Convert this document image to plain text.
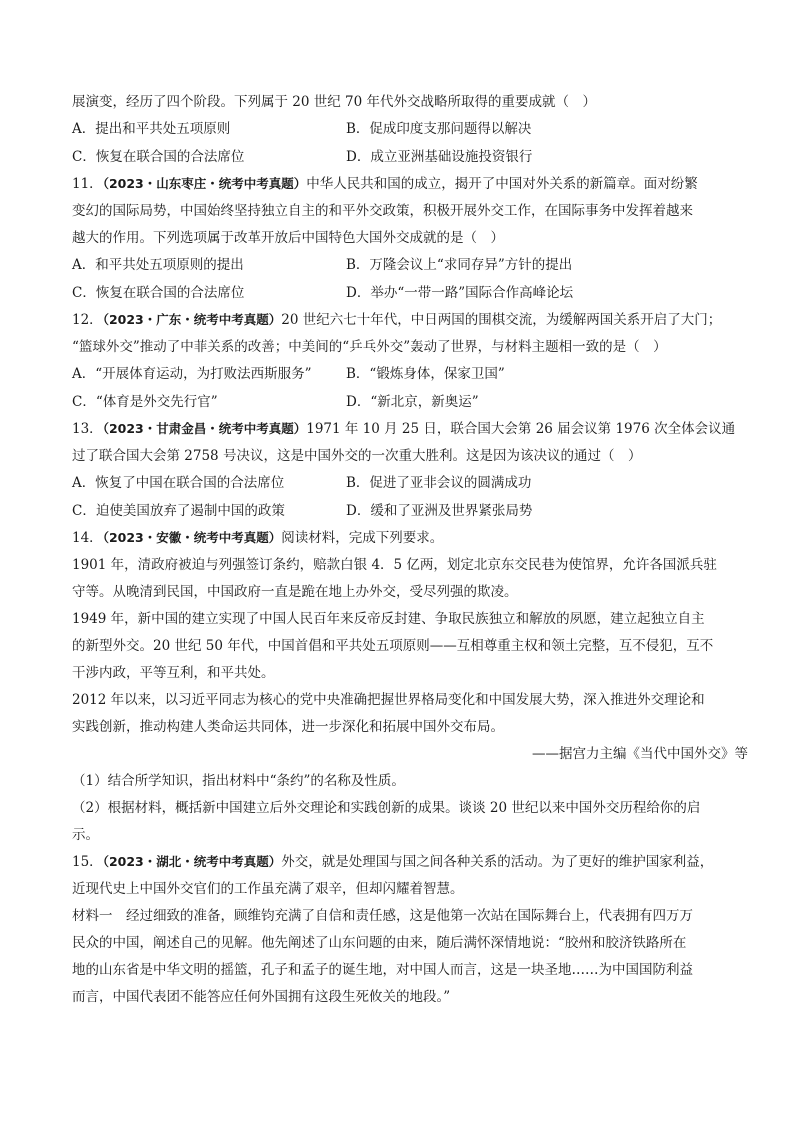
展演变，经历了四个阶段。下列属于 20 世纪 70 年代外交战略所取得的重要成就（　）
A．提出和平共处五项原则	B．促成印度支那问题得以解决
C．恢复在联合国的合法席位	D．成立亚洲基础设施投资银行
11．（2023・山东枣庄・统考中考真题）中华人民共和国的成立，揭开了中国对外关系的新篇章。面对纷繁
变幻的国际局势，中国始终坚持独立自主的和平外交政策，积极开展外交工作，在国际事务中发挥着越来
越大的作用。下列选项属于改革开放后中国特色大国外交成就的是（　）
A．和平共处五项原则的提出	B．万隆会议上“求同存异”方针的提出
C．恢复在联合国的合法席位	D．举办“一带一路”国际合作高峰论坛
12．（2023・广东・统考中考真题）20 世纪六七十年代，中日两国的围棋交流，为缓解两国关系开启了大门；
“篮球外交”推动了中菲关系的改善；中美间的“乒乓外交”轰动了世界，与材料主题相一致的是（　）
A．“开展体育运动，为打败法西斯服务”	B．“锻炼身体，保家卫国”
C．“体育是外交先行官”	D．“新北京，新奥运”
13．（2023・甘肃金昌・统考中考真题）1971 年 10 月 25 日，联合国大会第 26 届会议第 1976 次全体会议通
过了联合国大会第 2758 号决议，这是中国外交的一次重大胜利。这是因为该决议的通过（　）
A．恢复了中国在联合国的合法席位	B．促进了亚非会议的圆满成功
C．迫使美国放弃了遏制中国的政策	D．缓和了亚洲及世界紧张局势
14．（2023・安徽・统考中考真题）阅读材料，完成下列要求。
1901 年，清政府被迫与列强签订条约，赔款白银 4．5 亿两，划定北京东交民巷为使馆界，允许各国派兵驻
守等。从晚清到民国，中国政府一直是跪在地上办外交，受尽列强的欺凌。
1949 年，新中国的建立实现了中国人民百年来反帝反封建、争取民族独立和解放的夙愿，建立起独立自主
的新型外交。20 世纪 50 年代，中国首倡和平共处五项原则——互相尊重主权和领土完整，互不侵犯，互不
干涉内政，平等互利，和平共处。
2012 年以来，以习近平同志为核心的党中央准确把握世界格局变化和中国发展大势，深入推进外交理论和
实践创新，推动构建人类命运共同体，进一步深化和拓展中国外交布局。
——据宫力主编《当代中国外交》等
（1）结合所学知识，指出材料中“条约”的名称及性质。
（2）根据材料，概括新中国建立后外交理论和实践创新的成果。谈谈 20 世纪以来中国外交历程给你的启
示。
15．（2023・湖北・统考中考真题）外交，就是处理国与国之间各种关系的活动。为了更好的维护国家利益，
近现代史上中国外交官们的工作虽充满了艰辛，但却闪耀着智慧。
材料一　经过细致的准备，顾维钧充满了自信和责任感，这是他第一次站在国际舞台上，代表拥有四万万
民众的中国，阐述自己的见解。他先阐述了山东问题的由来，随后满怀深情地说：“胶州和胶济铁路所在
地的山东省是中华文明的摇篮，孔子和孟子的诞生地，对中国人而言，这是一块圣地……为中国国防利益
而言，中国代表团不能答应任何外国拥有这段生死攸关的地段。”
